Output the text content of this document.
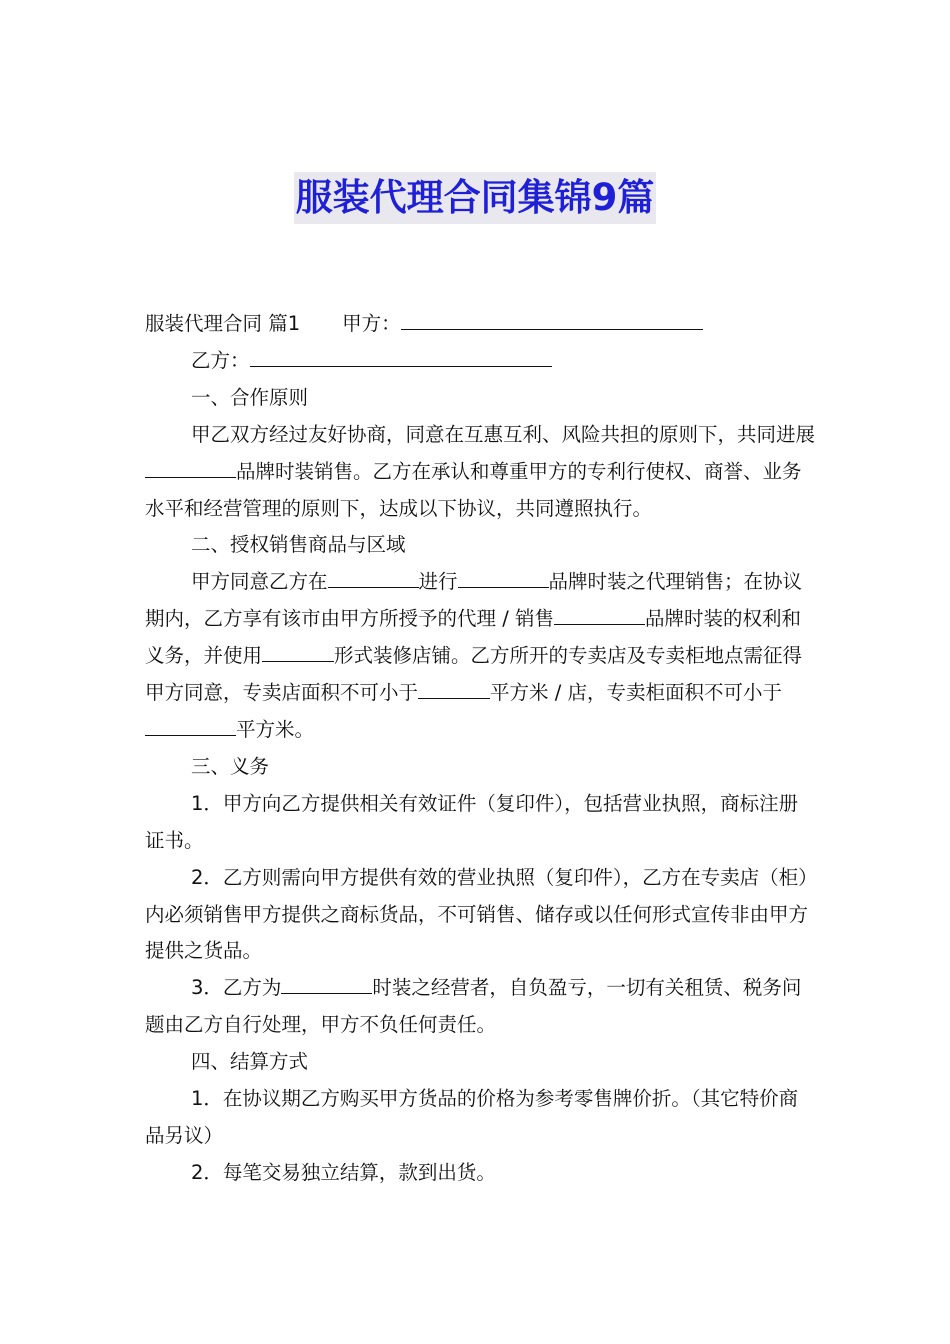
服装代理合同集锦9篇

服装代理合同 篇1 甲方：

乙方：

一、合作原则

甲乙双方经过友好协商，同意在互惠互利、风险共担的原则下，共同进展品牌时装销售。乙方在承认和尊重甲方的专利行使权、商誉、业务水平和经营管理的原则下，达成以下协议，共同遵照执行。

二、授权销售商品与区域

甲方同意乙方在	进行	品牌时装之代理销售；在协议期内，乙方享有该市由甲方所授予的代理 / 销售	品牌时装的权利和义务，并使用	形式装修店铺。乙方所开的专卖店及专卖柜地点需征得甲方同意，专卖店面积不可小于	平方米 / 店，专卖柜面积不可小于平方米。

三、义务

1．甲方向乙方提供相关有效证件（复印件），包括营业执照，商标注册证书。

2．乙方则需向甲方提供有效的营业执照（复印件），乙方在专卖店（柜）内必须销售甲方提供之商标货品，不可销售、储存或以任何形式宣传非由甲方提供之货品。

3．乙方为	时装之经营者，自负盈亏，一切有关租赁、税务问题由乙方自行处理，甲方不负任何责任。

四、结算方式

1．在协议期乙方购买甲方货品的价格为参考零售牌价折。（其它特价商品另议）

2．每笔交易独立结算，款到出货。
